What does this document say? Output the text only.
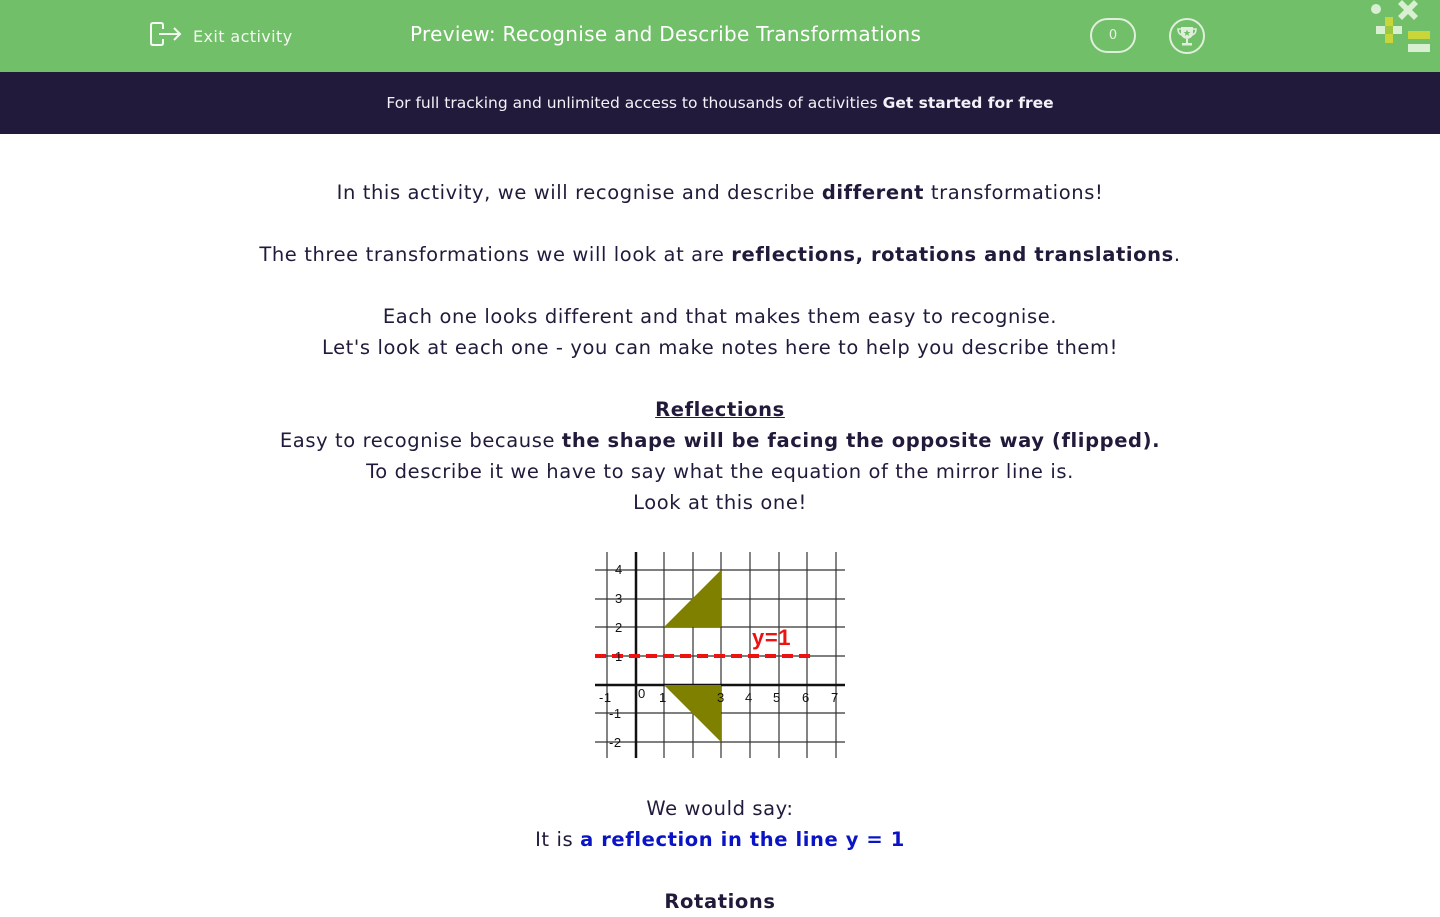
Exit activity	Preview: Recognise and Describe Transformations	0
For full tracking and unlimited access to thousands of activities Get started for free

In this activity, we will recognise and describe different transformations!

The three transformations we will look at are reflections, rotations and translations.

Each one looks different and that makes them easy to recognise.

Let's look at each one - you can make notes here to help you describe them!

Reflections

Easy to recognise because the shape will be facing the opposite way (flipped).

To describe it we have to say what the equation of the mirror line is.

Look at this one!

y=1
4
3
2
1
-1
-2
-1 0 1	3 4 5 6 7

We would say:

It is a reflection in the line y = 1

Rotations
